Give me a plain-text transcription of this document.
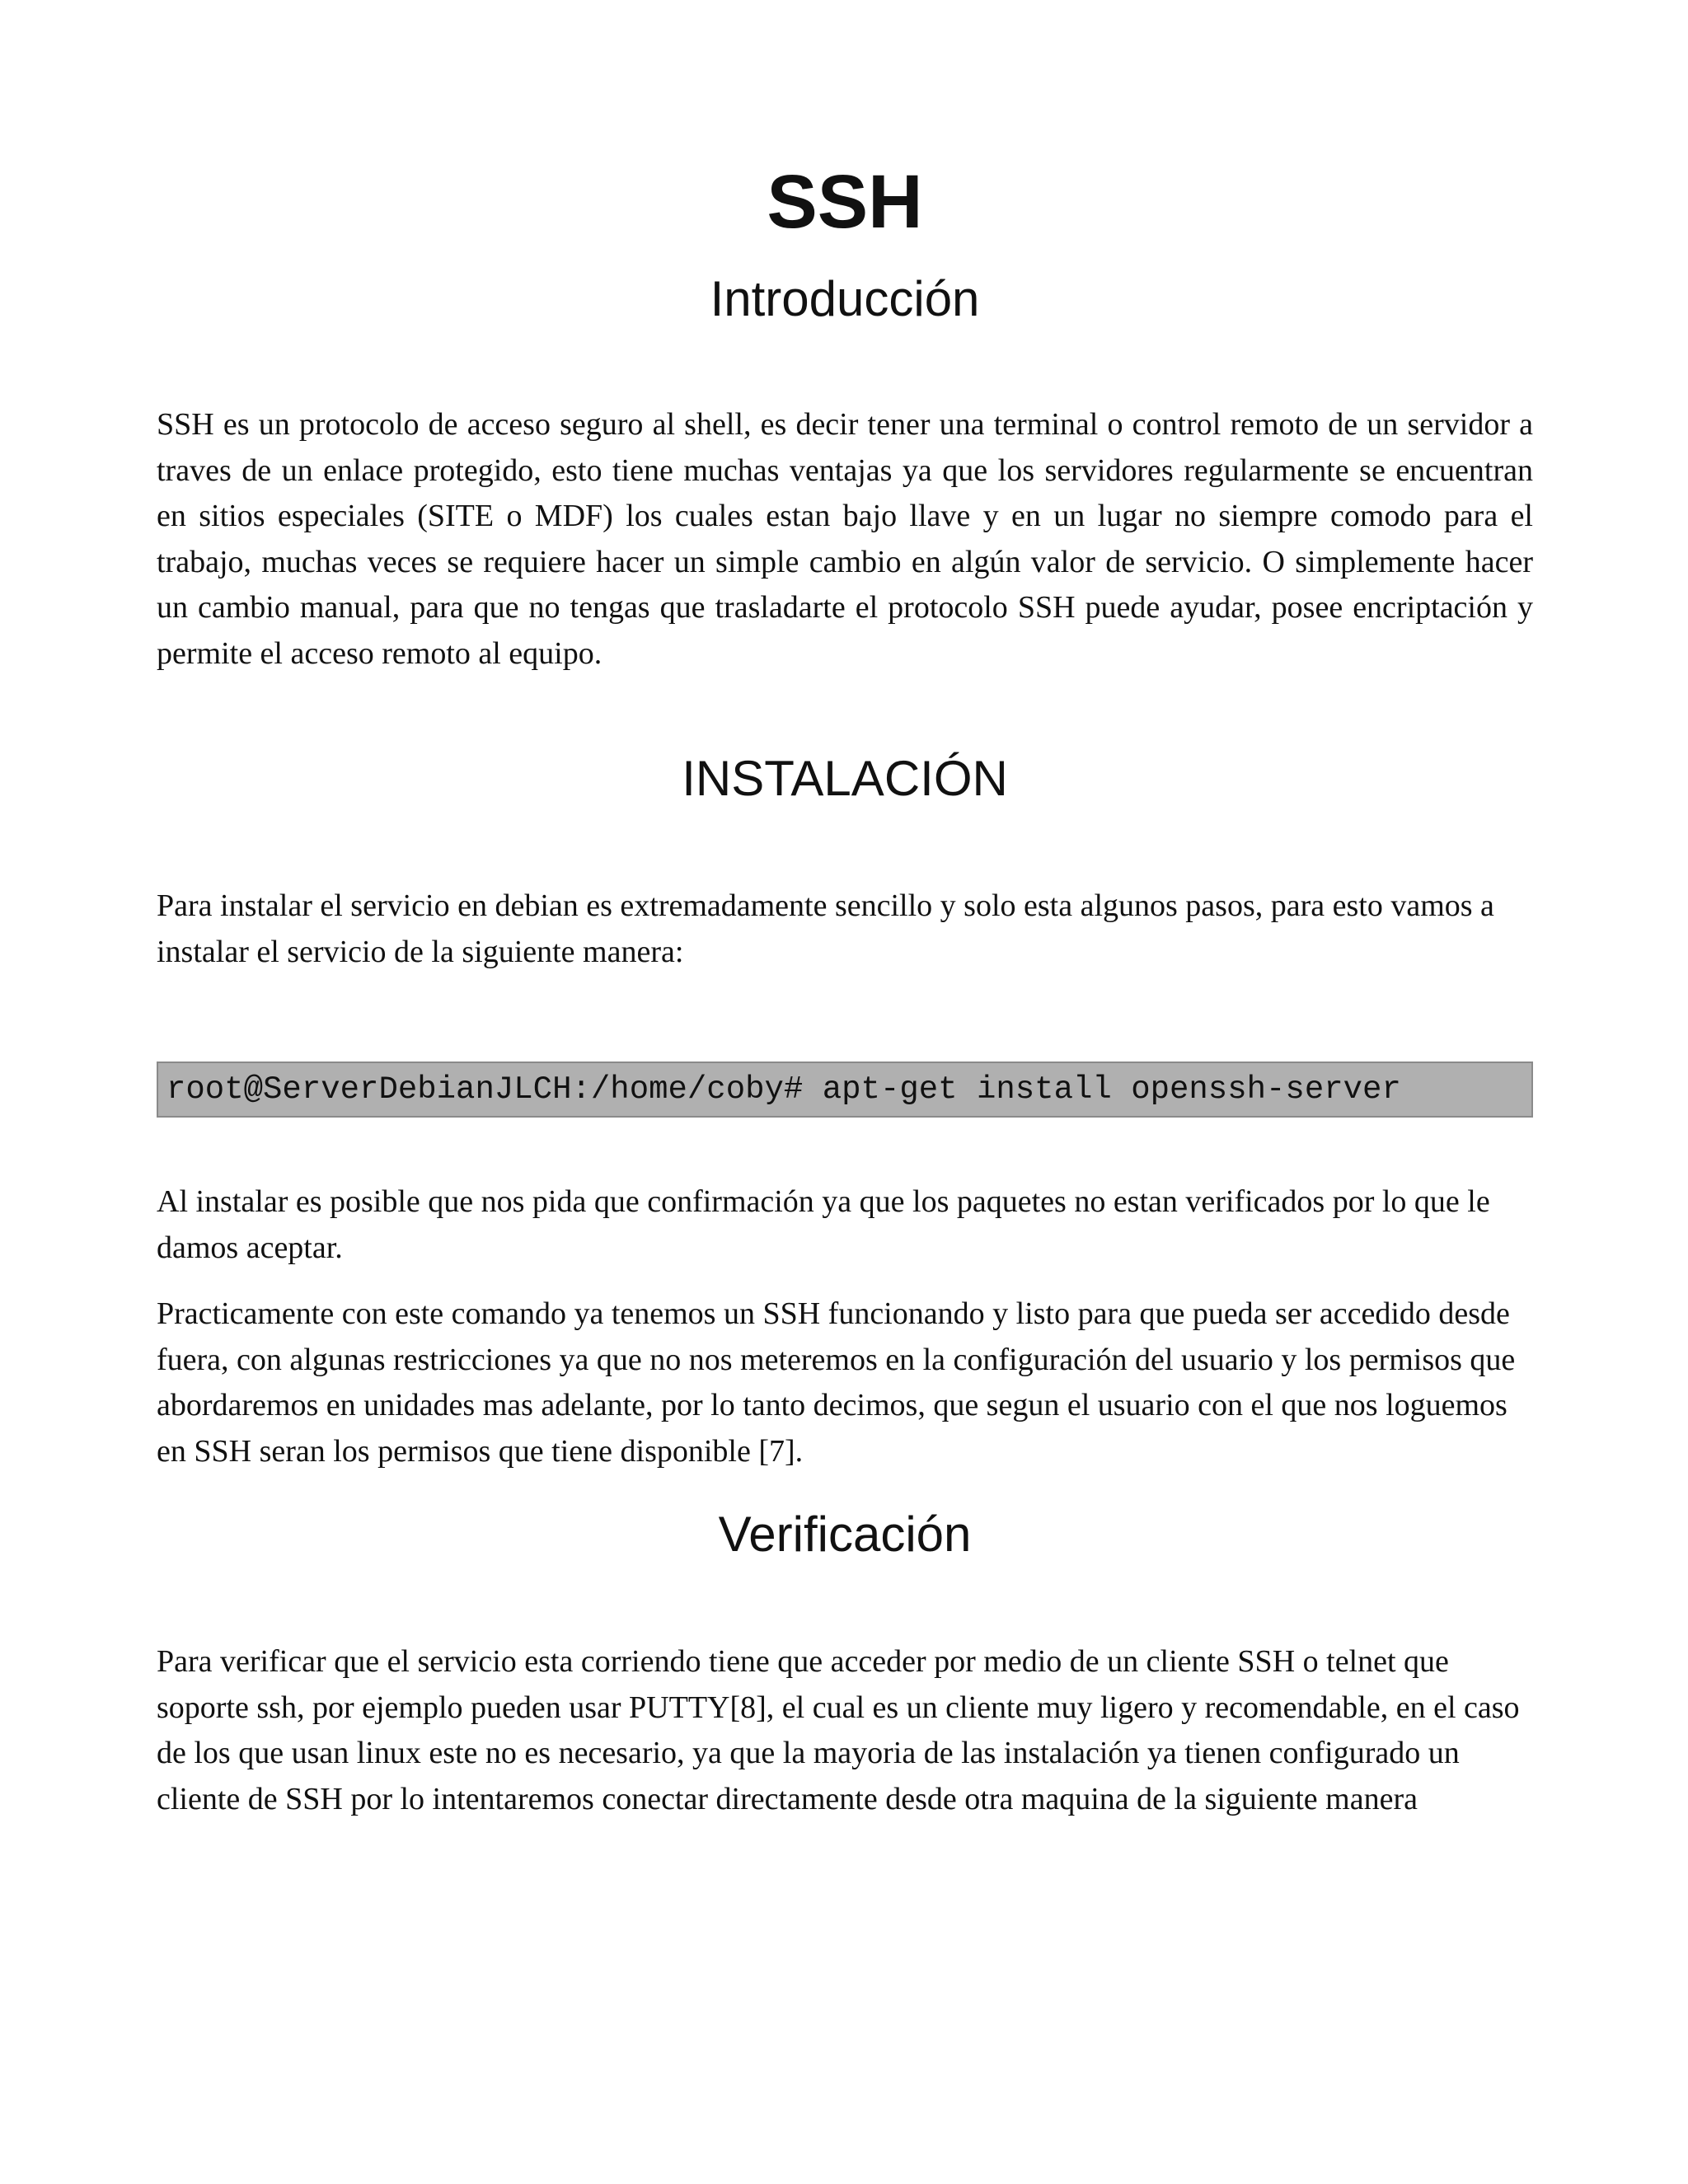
SSH
Introducción

SSH es un protocolo de acceso seguro al shell, es decir tener una terminal o control remoto de un servidor a traves de un enlace protegido, esto tiene muchas ventajas ya que los servidores regularmente se encuentran en sitios especiales (SITE o MDF) los cuales estan bajo llave y en un lugar no siempre comodo para el trabajo, muchas veces se requiere hacer un simple cambio en algún valor de servicio. O simplemente hacer un cambio manual, para que no tengas que trasladarte el protocolo SSH puede ayudar, posee encriptación y permite el acceso remoto al equipo.

INSTALACIÓN

Para instalar el servicio en debian es extremadamente sencillo y solo esta algunos pasos, para esto vamos a instalar el servicio de la siguiente manera:

root@ServerDebianJLCH:/home/coby# apt-get install openssh-server

Al instalar es posible que nos pida que confirmación ya que los paquetes no estan verificados por lo que le damos aceptar.

Practicamente con este comando ya tenemos un SSH funcionando y listo para que pueda ser accedido desde fuera, con algunas restricciones ya que no nos meteremos en la configuración del usuario y los permisos que abordaremos en unidades mas adelante, por lo tanto decimos, que segun el usuario con el que nos loguemos en SSH seran los permisos que tiene disponible [7].

Verificación

Para verificar que el servicio esta corriendo tiene que acceder por medio de un cliente SSH o telnet que soporte ssh, por ejemplo pueden usar PUTTY[8], el cual es un cliente muy ligero y recomendable, en el caso de los que usan linux este no es necesario, ya que la mayoria de las instalación ya tienen configurado un cliente de SSH por lo intentaremos conectar directamente desde otra maquina de la siguiente manera
